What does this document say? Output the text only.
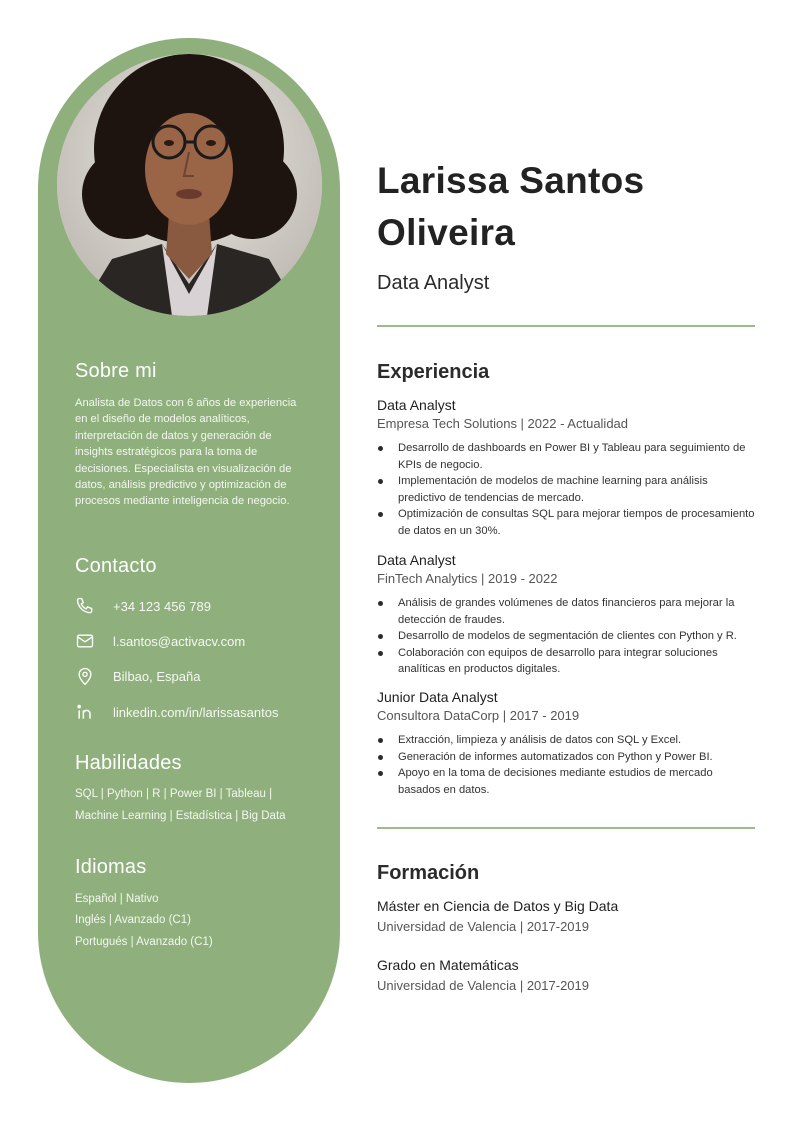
Sobre mi
Analista de Datos con 6 años de experiencia en el diseño de modelos analíticos, interpretación de datos y generación de insights estratégicos para la toma de decisiones. Especialista en visualización de datos, análisis predictivo y optimización de procesos mediante inteligencia de negocio.
Contacto
+34 123 456 789
l.santos@activacv.com
Bilbao, España
linkedin.com/in/larissasantos
Habilidades
SQL | Python | R | Power BI | Tableau |
Machine Learning | Estadística | Big Data
Idiomas
Español | Nativo
Inglés | Avanzado (C1)
Portugués | Avanzado (C1)
Larissa Santos Oliveira
Data Analyst
Experiencia
Data Analyst
Empresa Tech Solutions | 2022 - Actualidad
Desarrollo de dashboards en Power BI y Tableau para seguimiento de KPIs de negocio.
Implementación de modelos de machine learning para análisis predictivo de tendencias de mercado.
Optimización de consultas SQL para mejorar tiempos de procesamiento de datos en un 30%.
Data Analyst
FinTech Analytics | 2019 - 2022
Análisis de grandes volúmenes de datos financieros para mejorar la detección de fraudes.
Desarrollo de modelos de segmentación de clientes con Python y R.
Colaboración con equipos de desarrollo para integrar soluciones analíticas en productos digitales.
Junior Data Analyst
Consultora DataCorp | 2017 - 2019
Extracción, limpieza y análisis de datos con SQL y Excel.
Generación de informes automatizados con Python y Power BI.
Apoyo en la toma de decisiones mediante estudios de mercado basados en datos.
Formación
Máster en Ciencia de Datos y Big Data
Universidad de Valencia | 2017-2019
Grado en Matemáticas
Universidad de Valencia | 2017-2019
